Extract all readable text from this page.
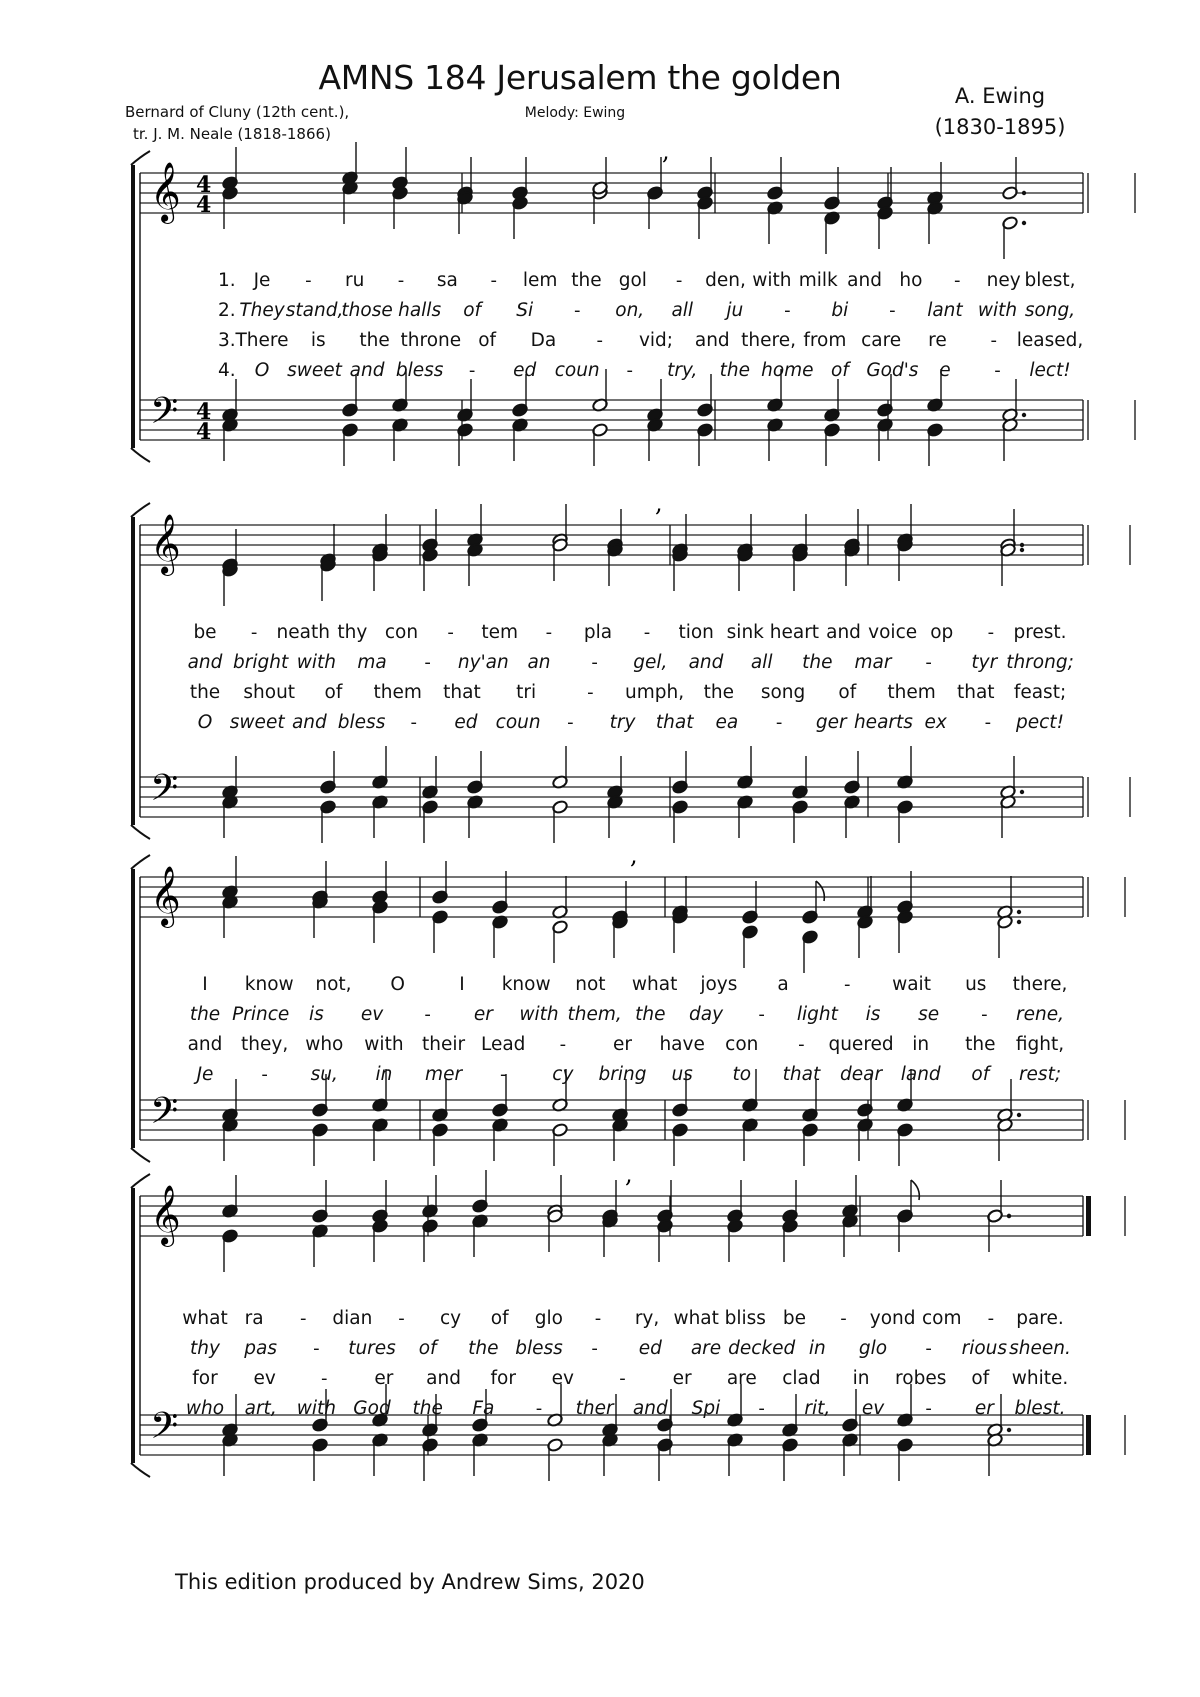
AMNS 184 Jerusalem the golden
Bernard of Cluny (12th cent.),
tr. J. M. Neale (1818-1866)
Melody: Ewing
A. Ewing
(1830-1895)
𝄞
𝄢
4
4
4
4
,
𝄞
𝄢
,
𝄞
𝄢
,
𝄞
𝄢
,
1. Je - ru - sa - lem the gol - den, with milk and ho - ney blest,
2. They stand,
those halls of Si - on, all ju - bi - lant with song,
3. There is the throne of Da - vid; and there, from care re - leased,
4. O sweet and bless - ed coun - try, the home of God's e - lect!
be - neath thy con - tem - pla - tion sink heart and voice op - prest.
and bright with ma - ny'an an - gel, and all the mar - tyr throng;
the shout of them that tri	- umph, the song of them that feast;
O sweet and bless - ed coun - try that ea - ger hearts ex - pect!
I know not, O	I know not what joys a	- wait us there,
the Prince is ev - er with them, the day - light is se - rene,
and they, who with their Lead -	er have con - quered in the fight,
Je	- su, in mer - cy bring us to that dear land of rest;
what ra - dian - cy of glo - ry, what bliss be - yond com - pare.
thy pas - tures of the bless - ed are decked in glo - rious sheen.
for ev	-	er and for ev	-	er are clad in robes of white.
who art, with God the Fa - ther and Spi - rit, ev - er blest.
This edition produced by Andrew Sims, 2020
